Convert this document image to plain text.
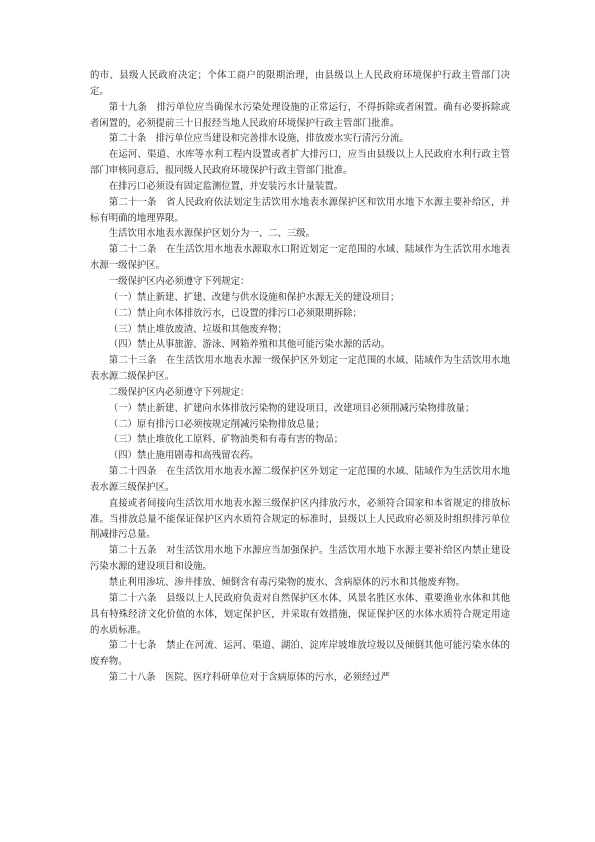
的市、县级人民政府决定；个体工商户的限期治理，由县级以上人民政府环境保护行政主管部门决定。

第十九条　排污单位应当确保水污染处理设施的正常运行，不得拆除或者闲置。确有必要拆除或者闲置的，必须提前三十日报经当地人民政府环境保护行政主管部门批准。

第二十条　排污单位应当建设和完善排水设施，排放废水实行清污分流。

在运河、渠道、水库等水利工程内设置或者扩大排污口，应当由县级以上人民政府水利行政主管部门审核同意后，报同级人民政府环境保护行政主管部门批准。

在排污口必须设有固定监测位置，并安装污水计量装置。

第二十一条　省人民政府依法划定生活饮用水地表水源保护区和饮用水地下水源主要补给区，并标有明确的地理界限。

生活饮用水地表水源保护区划分为一、二、三级。

第二十二条　在生活饮用水地表水源取水口附近划定一定范围的水域、陆域作为生活饮用水地表水源一级保护区。

一级保护区内必须遵守下列规定：

（一）禁止新建、扩建、改建与供水设施和保护水源无关的建设项目；

（二）禁止向水体排放污水，已设置的排污口必须限期拆除；

（三）禁止堆放废渣、垃圾和其他废弃物；

（四）禁止从事旅游、游泳、网箱养殖和其他可能污染水源的活动。

第二十三条　在生活饮用水地表水源一级保护区外划定一定范围的水域、陆域作为生活饮用水地表水源二级保护区。

二级保护区内必须遵守下列规定：

（一）禁止新建、扩建向水体排放污染物的建设项目，改建项目必须削减污染物排放量；

（二）原有排污口必须按规定削减污染物排放总量；

（三）禁止堆放化工原料、矿物油类和有毒有害的物品；

（四）禁止施用剧毒和高残留农药。

第二十四条　在生活饮用水地表水源二级保护区外划定一定范围的水域、陆域作为生活饮用水地表水源三级保护区。

直接或者间接向生活饮用水地表水源三级保护区内排放污水，必须符合国家和本省规定的排放标准。当排放总量不能保证保护区内水质符合规定的标准时，县级以上人民政府必须及时组织排污单位削减排污总量。

第二十五条　对生活饮用水地下水源应当加强保护。生活饮用水地下水源主要补给区内禁止建设污染水源的建设项目和设施。

禁止利用渗坑、渗井排放、倾倒含有毒污染物的废水、含病原体的污水和其他废弃物。

第二十六条　县级以上人民政府负责对自然保护区水体、风景名胜区水体、重要渔业水体和其他具有特殊经济文化价值的水体，划定保护区，并采取有效措施，保证保护区的水体水质符合规定用途的水质标准。

第二十七条　禁止在河流、运河、渠道、湖泊、淀库岸坡堆放垃圾以及倾倒其他可能污染水体的废弃物。

第二十八条　医院、医疗科研单位对于含病原体的污水，必须经过严
